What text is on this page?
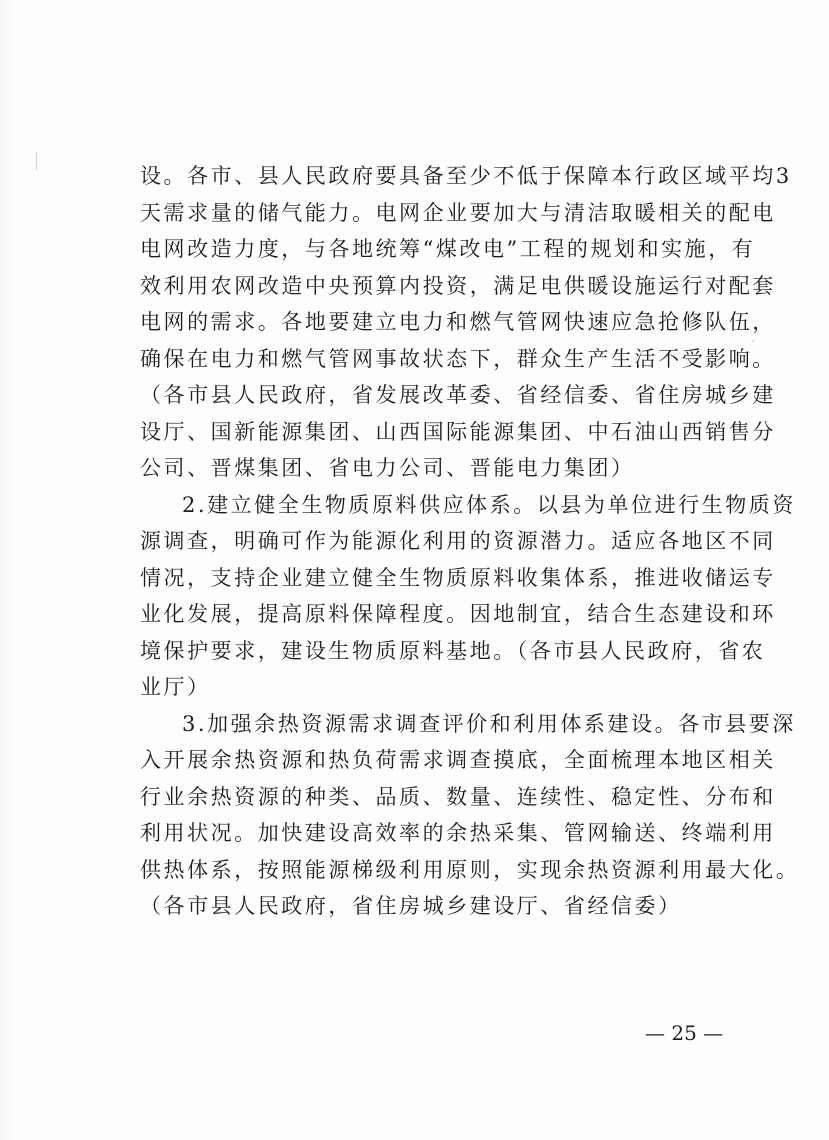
设。各市、县人民政府要具备至少不低于保障本行政区域平均3
天需求量的储气能力。电网企业要加大与清洁取暖相关的配电
电网改造力度，与各地统筹“煤改电”工程的规划和实施，有
效利用农网改造中央预算内投资，满足电供暖设施运行对配套
电网的需求。各地要建立电力和燃气管网快速应急抢修队伍，
确保在电力和燃气管网事故状态下，群众生产生活不受影响。
（各市县人民政府，省发展改革委、省经信委、省住房城乡建
设厅、国新能源集团、山西国际能源集团、中石油山西销售分
公司、晋煤集团、省电力公司、晋能电力集团）
2.建立健全生物质原料供应体系。以县为单位进行生物质资
源调查，明确可作为能源化利用的资源潜力。适应各地区不同
情况，支持企业建立健全生物质原料收集体系，推进收储运专
业化发展，提高原料保障程度。因地制宜，结合生态建设和环
境保护要求，建设生物质原料基地。（各市县人民政府，省农
业厅）
3.加强余热资源需求调查评价和利用体系建设。各市县要深
入开展余热资源和热负荷需求调查摸底，全面梳理本地区相关
行业余热资源的种类、品质、数量、连续性、稳定性、分布和
利用状况。加快建设高效率的余热采集、管网输送、终端利用
供热体系，按照能源梯级利用原则，实现余热资源利用最大化。
（各市县人民政府，省住房城乡建设厅、省经信委）
— 25 —
